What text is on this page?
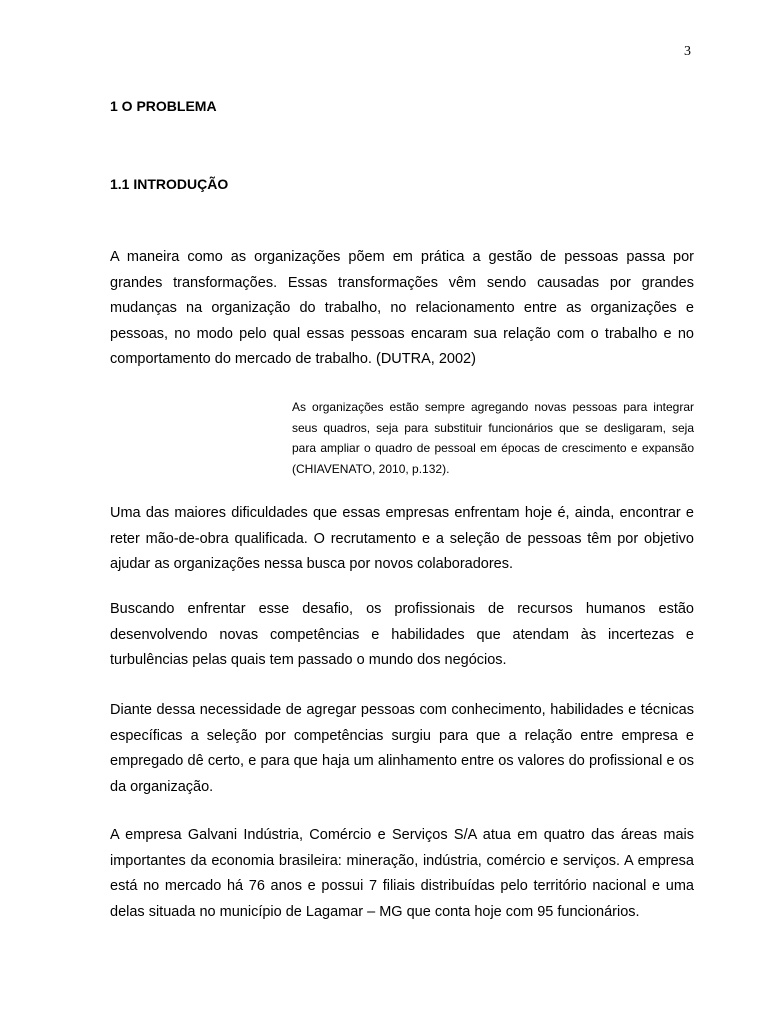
3
1 O PROBLEMA
1.1 INTRODUÇÃO

A maneira como as organizações põem em prática a gestão de pessoas passa por grandes transformações. Essas transformações vêm sendo causadas por grandes mudanças na organização do trabalho, no relacionamento entre as organizações e pessoas, no modo pelo qual essas pessoas encaram sua relação com o trabalho e no comportamento do mercado de trabalho. (DUTRA, 2002)

As organizações estão sempre agregando novas pessoas para integrar seus quadros, seja para substituir funcionários que se desligaram, seja para ampliar o quadro de pessoal em épocas de crescimento e expansão (CHIAVENATO, 2010, p.132).

Uma das maiores dificuldades que essas empresas enfrentam hoje é, ainda, encontrar e reter mão-de-obra qualificada. O recrutamento e a seleção de pessoas têm por objetivo ajudar as organizações nessa busca por novos colaboradores.

Buscando enfrentar esse desafio, os profissionais de recursos humanos estão desenvolvendo novas competências e habilidades que atendam às incertezas e turbulências pelas quais tem passado o mundo dos negócios.

Diante dessa necessidade de agregar pessoas com conhecimento, habilidades e técnicas específicas a seleção por competências surgiu para que a relação entre empresa e empregado dê certo, e para que haja um alinhamento entre os valores do profissional e os da organização.

A empresa Galvani Indústria, Comércio e Serviços S/A atua em quatro das áreas mais importantes da economia brasileira: mineração, indústria, comércio e serviços. A empresa está no mercado há 76 anos e possui 7 filiais distribuídas pelo território nacional e uma delas situada no município de Lagamar – MG que conta hoje com 95 funcionários.
